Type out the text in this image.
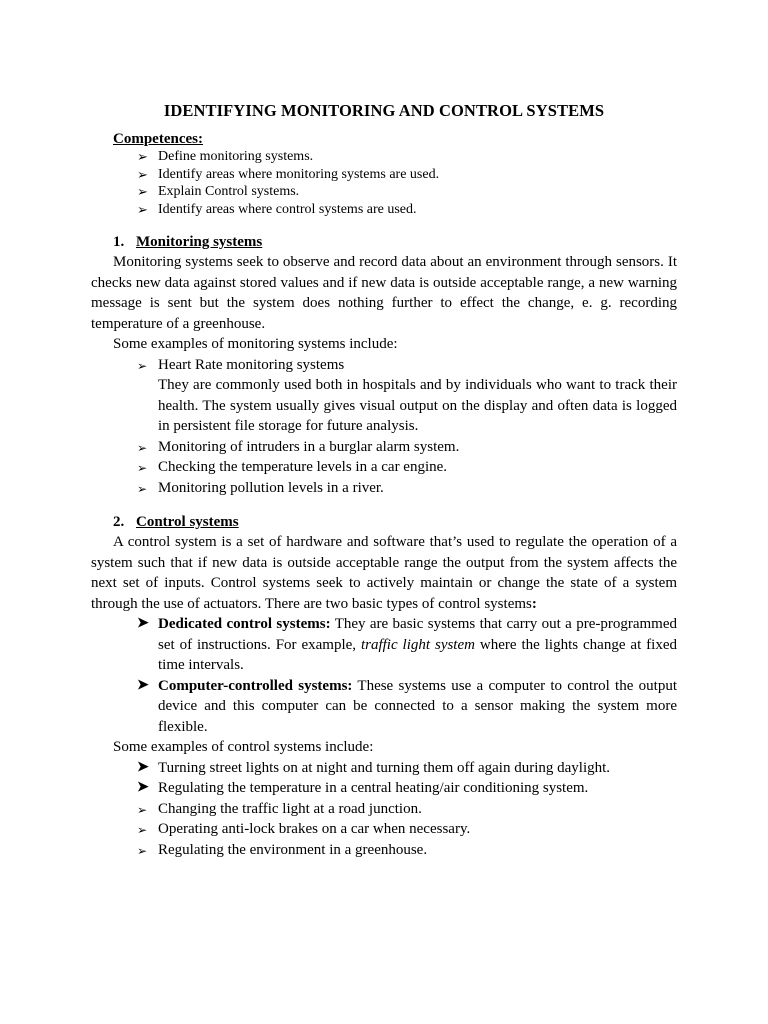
IDENTIFYING MONITORING AND CONTROL SYSTEMS
Competences:
➢ Define monitoring systems.
➢ Identify areas where monitoring systems are used.
➢ Explain Control systems.
➢ Identify areas where control systems are used.
1. Monitoring systems

Monitoring systems seek to observe and record data about an environment through sensors. It checks new data against stored values and if new data is outside acceptable range, a new warning message is sent but the system does nothing further to effect the change, e. g. recording temperature of a greenhouse.

Some examples of monitoring systems include:

➢ Heart Rate monitoring systems
They are commonly used both in hospitals and by individuals who want to track their health. The system usually gives visual output on the display and often data is logged in persistent file storage for future analysis.
➢ Monitoring of intruders in a burglar alarm system.
➢ Checking the temperature levels in a car engine.
➢ Monitoring pollution levels in a river.
2. Control systems

A control system is a set of hardware and software that’s used to regulate the operation of a system such that if new data is outside acceptable range the output from the system affects the next set of inputs. Control systems seek to actively maintain or change the state of a system through the use of actuators. There are two basic types of control systems:

➤ Dedicated control systems: They are basic systems that carry out a pre-programmed set of instructions. For example, traffic light system where the lights change at fixed time intervals.
➤ Computer-controlled systems: These systems use a computer to control the output device and this computer can be connected to a sensor making the system more flexible.

Some examples of control systems include:

➤ Turning street lights on at night and turning them off again during daylight.
➤ Regulating the temperature in a central heating/air conditioning system.
➢ Changing the traffic light at a road junction.
➢ Operating anti-lock brakes on a car when necessary.
➢ Regulating the environment in a greenhouse.
